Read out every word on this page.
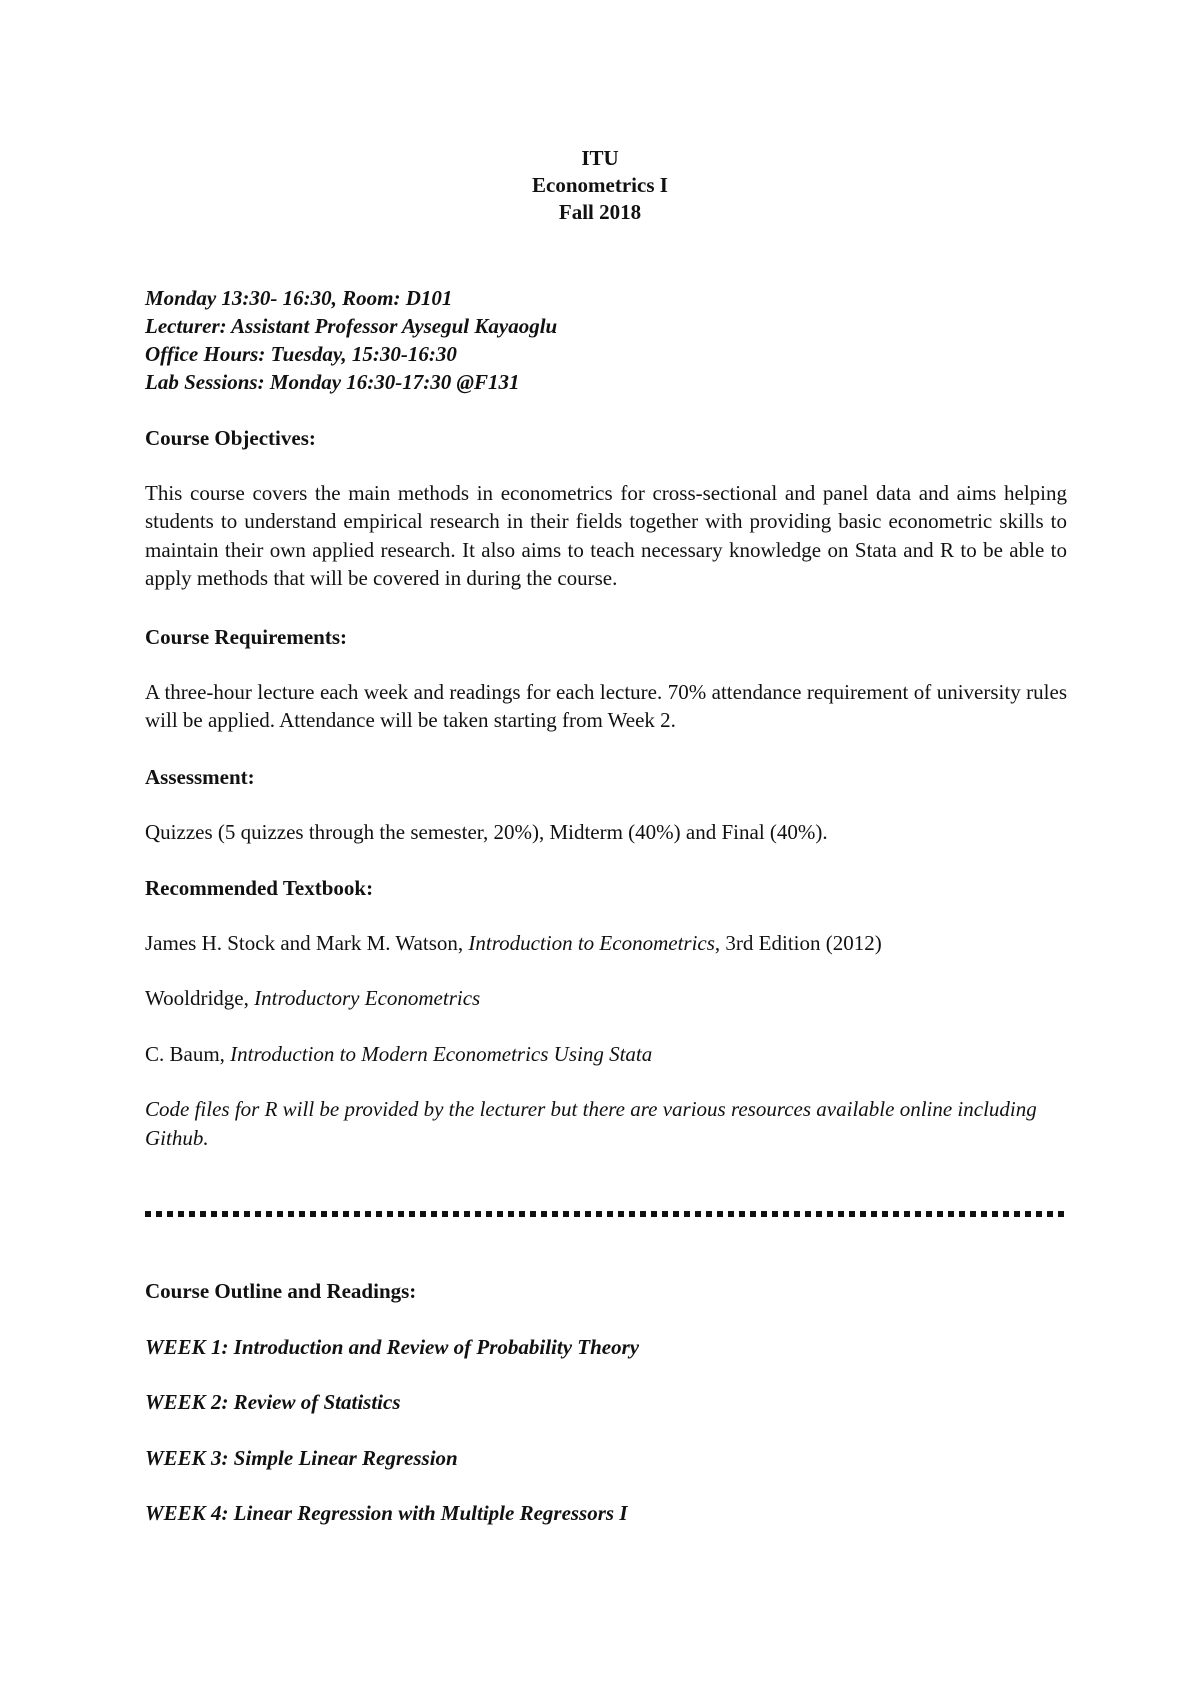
ITU
Econometrics I
Fall 2018
Monday 13:30- 16:30, Room: D101
Lecturer: Assistant Professor Aysegul Kayaoglu
Office Hours: Tuesday, 15:30-16:30
Lab Sessions: Monday 16:30-17:30 @F131
Course Objectives:
This course covers the main methods in econometrics for cross-sectional and panel data and aims helping students to understand empirical research in their fields together with providing basic econometric skills to maintain their own applied research. It also aims to teach necessary knowledge on Stata and R to be able to apply methods that will be covered in during the course.
Course Requirements:
A three-hour lecture each week and readings for each lecture. 70% attendance requirement of university rules will be applied. Attendance will be taken starting from Week 2.
Assessment:
Quizzes (5 quizzes through the semester, 20%), Midterm (40%) and Final (40%).
Recommended Textbook:
James H. Stock and Mark M. Watson, Introduction to Econometrics, 3rd Edition (2012)
Wooldridge, Introductory Econometrics
C. Baum, Introduction to Modern Econometrics Using Stata
Code files for R will be provided by the lecturer but there are various resources available online including Github.
Course Outline and Readings:
WEEK 1: Introduction and Review of Probability Theory
WEEK 2: Review of Statistics
WEEK 3: Simple Linear Regression
WEEK 4: Linear Regression with Multiple Regressors I
